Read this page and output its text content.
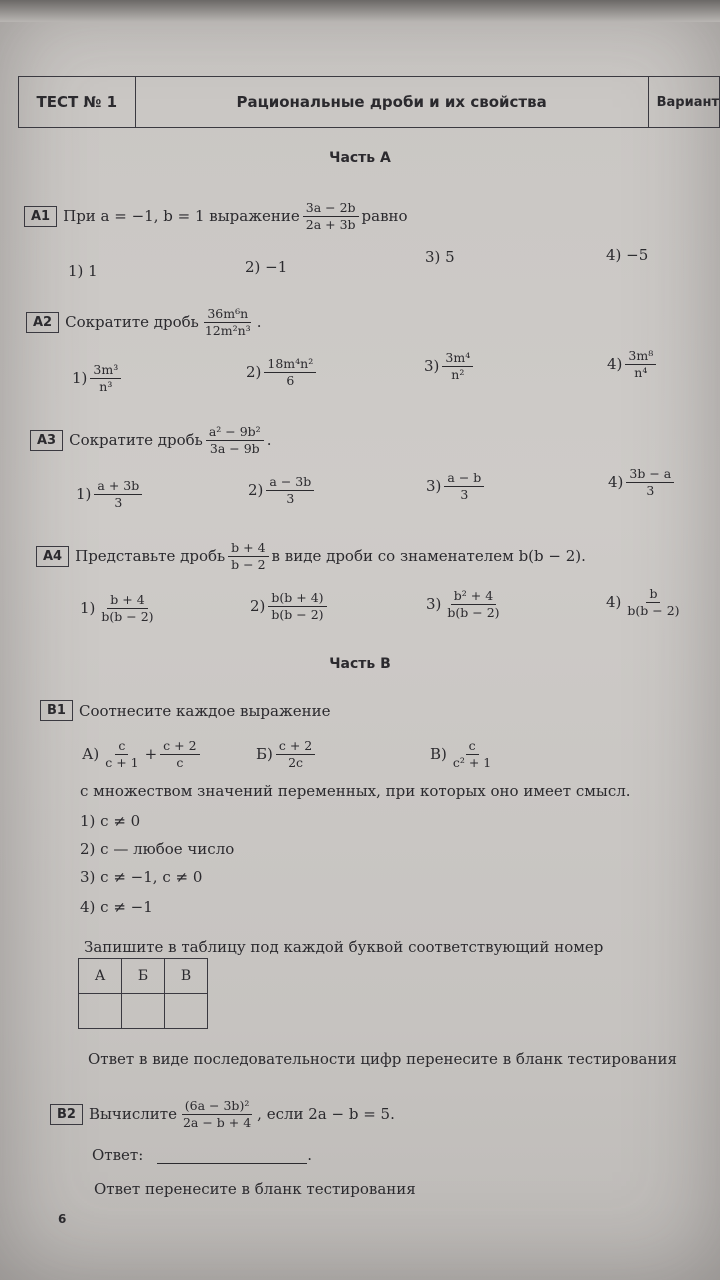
ТЕСТ № 1	Рациональные дроби и их свойства	Вариант
Часть A
A1 При a = −1, b = 1 выражение $\frac{3a - 2b}{2a + 3b}$ равно
1) 1	2) −1
3) 5	4) −5
A2 Сократите дробь $\frac{\text{36m⁶n}}{\text{12m²n³}}$ .
$1) \frac{\text{3m³}}{\text{n³}}$	$2) \frac{\text{18m⁴n²}}{6}$	$3) \frac{\text{3m⁴}}{\text{n²}}$	$4) \frac{\text{3m⁸}}{\text{n⁴}}$
A3 Сократите дробь $\frac{\text{a² − 9b²}}{3a - 9b}$ .
$1) \frac{a + 3b}{3}$	$2) \frac{a - 3b}{3}$	$3) \frac{a - b}{3}$	$4) \frac{3b - a}{3}$
A4 Представьте дробь $\frac{b + 4}{b - 2}$ в виде дроби со знаменателем b(b − 2).
$1) \frac{b + 4}{b(b - 2)}$	$2) \frac{b(b + 4)}{b(b - 2)}$	$3) \frac{\text{b² + 4}}{b(b - 2)}$	$4) \frac{b}{b(b - 2)}$
Часть B
B1 Соотнесите каждое выражение
$А) \frac{c}{c + 1} + \frac{c + 2}{c}$	$Б) \frac{c + 2}{2c}$	$В) \frac{c}{\text{c² + 1}}$
с множеством значений переменных, при которых оно имеет смысл.
1) c ≠ 0
2) c — любое число
3) c ≠ −1, c ≠ 0
4) c ≠ −1
Запишите в таблицу под каждой буквой соответствующий номер
А	Б	В

Ответ в виде последовательности цифр перенесите в бланк тестирования
B2 Вычислите $\frac{\text{(6a − 3b)²}}{2a - b + 4}$ , если 2a − b = 5.
Ответ:	.
Ответ перенесите в бланк тестирования
6
